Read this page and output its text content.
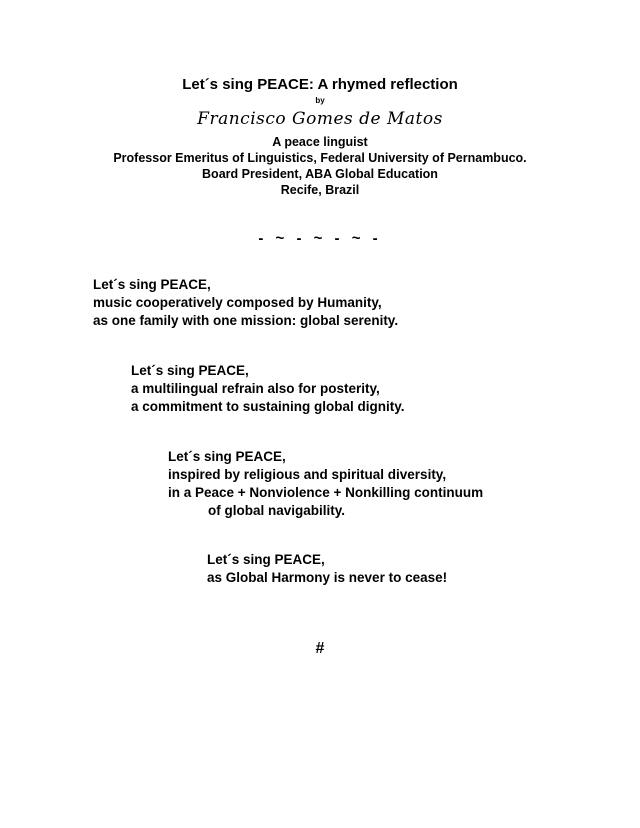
Let´s sing PEACE: A rhymed reflection
by
Francisco Gomes de Matos
A peace linguist
Professor Emeritus of Linguistics, Federal University of Pernambuco.
Board President, ABA Global Education
Recife, Brazil
- ~ - ~ - ~ -
Let´s sing PEACE,
music cooperatively composed by Humanity,
as one family with one mission: global serenity.
Let´s sing PEACE,
a multilingual refrain also for posterity,
a commitment to sustaining global dignity.
Let´s sing PEACE,
inspired by religious and spiritual diversity,
in a Peace + Nonviolence + Nonkilling continuum
of global navigability.
Let´s sing PEACE,
as Global Harmony is never to cease!
#
